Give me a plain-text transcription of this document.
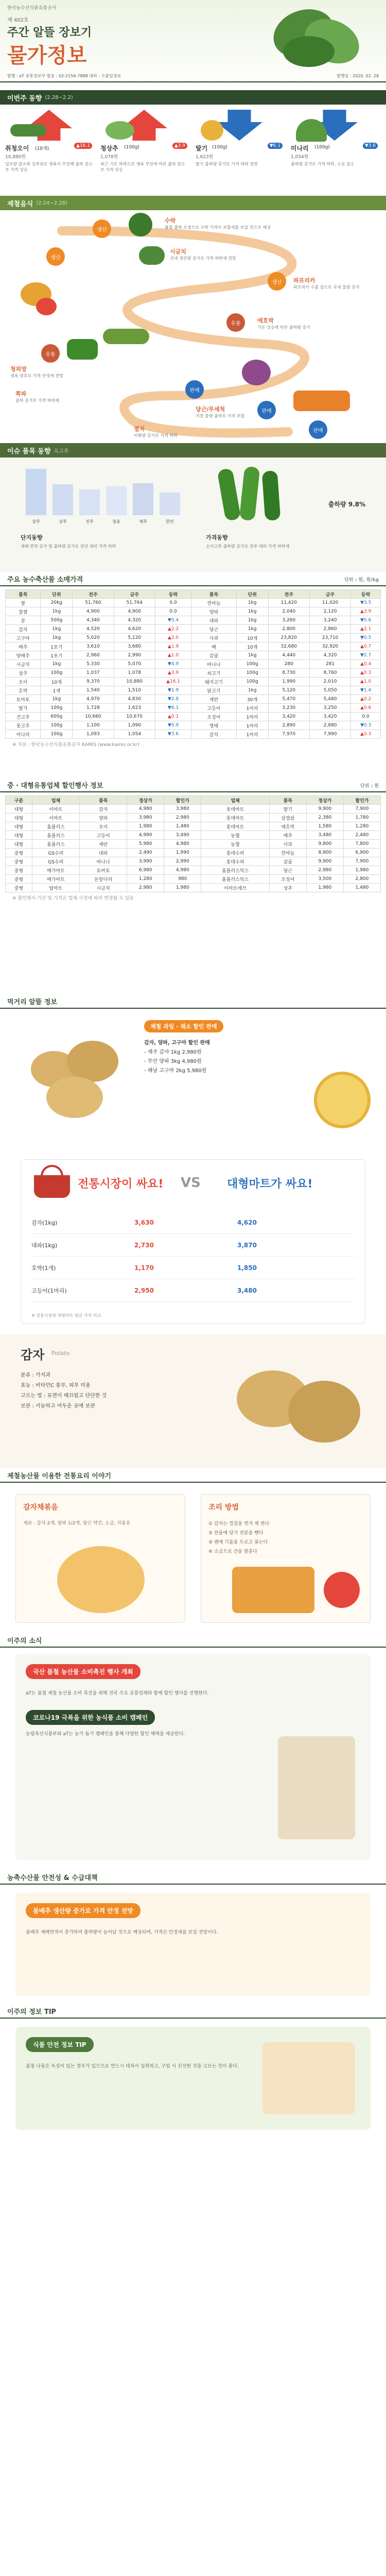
한국농수산식품유통공사
제 402호
주간 알뜰 장보기
물가정보
발행 : aT 유통정보부 발송 : 02-2156-7888 대외 : 수출입정보	발행일 : 2020. 02. 28
이번주 동향 (2.28~2.2)
취청오이 (10개)
▲16.1
10,880원
일조량 감소와 강추위로 생육이 부진해 출하 감소로 가격 상승
청상추 (100g)	▲3.9
1,078원
최근 기온 하락으로 생육 부진에 따른 출하 감소로 가격 상승
딸기 (100g)	▼6.1
1,623원
딸기 출하량 증가로 가격 하락 전망
미나리 (100g)	▼3.6
1,054원
출하량 증가로 가격 하락, 수요 감소
제철음식 (2.24~2.28)
생산
수박
봄철 출하 조정으로 수박 가격이 보합세를 보일 것으로 예상
생산
시금치
국내 생산량 증가로 가격 하락세 전망
생산	파프리카
파프리카 수출 감소로 국내 물량 증가
유통	애호박
기온 상승에 따른 출하량 증가
유통
청피망
생육 양호로 가격 안정세 전망
판매
쪽파
출하 증가로 가격 하락세
판매
당근/무세척
저장 물량 출하로 가격 보합
판매
멸치
어획량 증가로 가격 하락
이슈 품목 동향 옥고추
상주	상주	진주	청송	제주	한민
출하량 9.8%
단지동향
재배 면적 증가 및 출하량 증가로 전년 대비 가격 하락
가격동향
오이고추 출하량 증가로 전주 대비 가격 하락세
주요 농수축산물 소매가격	단위 : 원, 원/kg
품목	단위	전주	금주	등락	품목	단위	전주	금주	등락
쌀	20kg	51,760	51,764	0.0	깐마늘	1kg	11,420	11,020	▼3.5
찹쌀	1kg	4,900	4,900	0.0	양파	1kg	2,040	2,120	▲3.9
콩	500g	4,340	4,320	▼0.4	대파	1kg	3,260	3,240	▼0.6
감자	1kg	4,520	4,620	▲2.2	당근	1kg	2,800	2,860	▲2.1
고구마	1kg	5,020	5,120	▲2.0	사과	10개	23,820	23,710	▼0.5
배추	1포기	3,610	3,680	▲1.9	배	10개	32,680	32,920	▲0.7
양배추	1포기	2,960	2,990	▲1.0	감귤	1kg	4,440	4,320	▼2.7
시금치	1kg	5,330	5,070	▼4.9	바나나	100g	280	281	▲0.4
상추	100g	1,037	1,078	▲3.9	쇠고기	100g	8,730	8,760	▲0.3
오이	10개	9,370	10,880	▲16.1	돼지고기	100g	1,990	2,010	▲1.0
호박	1개	1,540	1,510	▼1.9	닭고기	1kg	5,120	5,050	▼1.4
토마토	1kg	4,970	4,830	▼2.8	계란	30개	5,470	5,480	▲0.2
딸기	100g	1,728	1,623	▼6.1	고등어	1마리	3,230	3,250	▲0.6
건고추	600g	10,660	10,670	▲0.1	오징어	1마리	3,420	3,420	0.0
풋고추	100g	1,100	1,090	▼0.9	명태	1마리	2,890	2,880	▼0.3
미나리	100g	1,093	1,054	▼3.6	갈치	1마리	7,970	7,990	▲0.3
※ 자료 : 한국농수산식품유통공사 KAMIS (www.kamis.or.kr)
중 · 대형유통업체 할인행사 정보	단위 : 원
구분	업체	품목	정상가	할인가	업체	품목	정상가	할인가
대형	이마트	감자	4,980	3,980	롯데마트	딸기	9,900	7,900
대형	이마트	양파	3,980	2,980	롯데마트	삼겹살	2,380	1,780
대형	홈플러스	오이	1,980	1,480	롯데마트	애호박	1,580	1,280
대형	홈플러스	고등어	4,990	3,490	농협	배추	3,480	2,480
대형	홈플러스	계란	5,980	4,980	농협	사과	9,800	7,800
중형	GS수퍼	대파	2,490	1,990	롯데수퍼	깐마늘	8,900	6,900
중형	GS수퍼	바나나	3,990	2,990	롯데수퍼	감귤	9,900	7,900
중형	메가마트	토마토	6,980	4,980	홈플러스익스	당근	2,980	1,980
중형	메가마트	돈앞다리	1,280	980	홈플러스익스	오징어	3,500	2,800
중형	탑마트	시금치	2,980	1,980	이마트에브	상추	1,980	1,480
※ 할인행사 기간 및 가격은 업체 사정에 따라 변경될 수 있음
먹거리 알뜰 정보
제철 과일 · 채소 할인 판매
감자, 양파, 고구마 할인 판매
- 제주 감자 1kg 2,980원
- 무안 양파 3kg 4,980원
- 해남 고구마 2kg 5,980원
전통시장이 싸요! VS 대형마트가 싸요!
감자(1kg)	3,630	4,620
대파(1kg)	2,730	3,870
호박(1개)	1,170	1,850
고등어(1마리)	2,950	3,480
※ 전통시장과 대형마트 평균 가격 비교
감자 Potato
분류 : 가지과
효능 : 비타민C 풍부, 피부 미용
고르는 법 : 표면이 매끄럽고 단단한 것
보관 : 서늘하고 어두운 곳에 보관
제철농산물 이용한 전통요리 이야기
감자채볶음
재료 : 감자 2개, 양파 1/2개, 당근 약간, 소금, 식용유
조리 방법
① 감자는 껍질을 벗겨 채 썬다
② 찬물에 담가 전분을 뺀다
③ 팬에 기름을 두르고 볶는다
④ 소금으로 간을 맞춘다
이주의 소식
국산 봄철 농산물 소비촉진 행사 개최
aT는 봄철 제철 농산물 소비 촉진을 위해 전국 주요 유통업체와 함께 할인 행사를 진행한다.
코로나19 극복을 위한 농식품 소비 캠페인
농림축산식품부와 aT는 농가 돕기 캠페인을 통해 다양한 할인 혜택을 제공한다.
농축수산물 안전성 & 수급대책
봄배추 생산량 증가로 가격 안정 전망
봄배추 재배면적이 증가하여 출하량이 늘어날 것으로 예상되며, 가격은 안정세를 보일 전망이다.
이주의 정보 TIP
식품 안전 정보 TIP
봄철 나물은 독성이 있는 경우가 있으므로 반드시 데쳐서 섭취하고, 구입 시 신선한 것을 고르는 것이 좋다.
